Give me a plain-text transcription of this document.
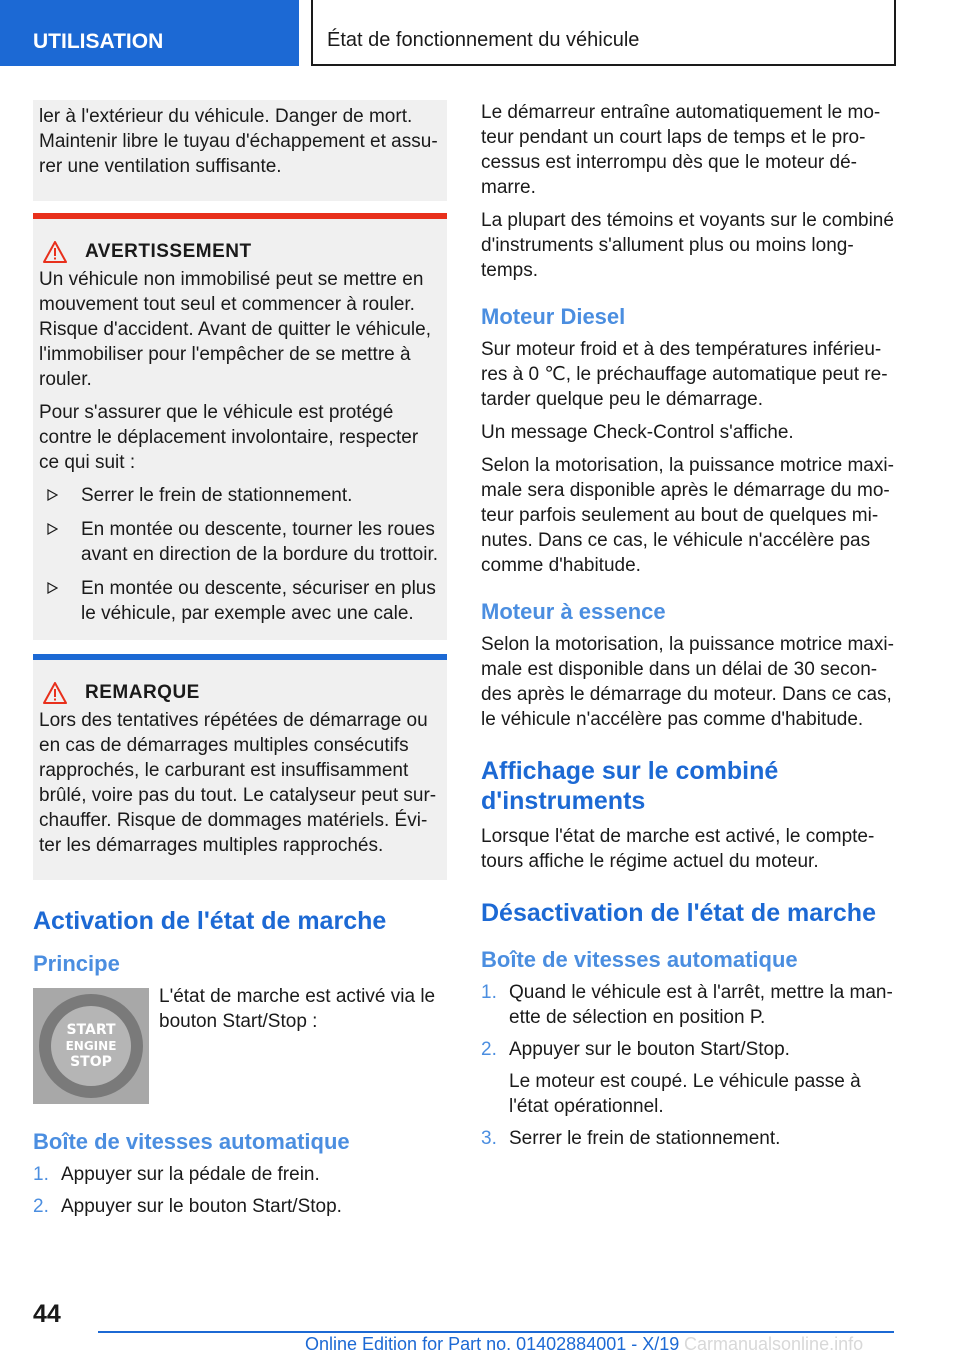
UTILISATION	État de fonctionnement du véhicule

ler à l'extérieur du véhicule. Danger de mort. Maintenir libre le tuyau d'échappement et assurer une ventilation suffisante.

AVERTISSEMENT

Un véhicule non immobilisé peut se mettre en mouvement tout seul et commencer à rouler. Risque d'accident. Avant de quitter le véhicule, l'immobiliser pour l'empêcher de se mettre à rouler.

Pour s'assurer que le véhicule est protégé contre le déplacement involontaire, respecter ce qui suit :

Serrer le frein de stationnement.
En montée ou descente, tourner les roues avant en direction de la bordure du trottoir.
En montée ou descente, sécuriser en plus le véhicule, par exemple avec une cale.
REMARQUE

Lors des tentatives répétées de démarrage ou en cas de démarrages multiples consécutifs rapprochés, le carburant est insuffisamment brûlé, voire pas du tout. Le catalyseur peut surchauffer. Risque de dommages matériels. Éviter les démarrages multiples rapprochés.

Activation de l'état de marche
Principe
START
ENGINE
STOP

L'état de marche est activé via le bouton Start/Stop :

Boîte de vitesses automatique
1. Appuyer sur la pédale de frein.
2. Appuyer sur le bouton Start/Stop.

Le démarreur entraîne automatiquement le moteur pendant un court laps de temps et le processus est interrompu dès que le moteur démarre.

La plupart des témoins et voyants sur le combiné d'instruments s'allument plus ou moins longtemps.

Moteur Diesel

Sur moteur froid et à des températures inférieures à 0 ℃, le préchauffage automatique peut retarder quelque peu le démarrage.

Un message Check-Control s'affiche.

Selon la motorisation, la puissance motrice maximale sera disponible après le démarrage du moteur parfois seulement au bout de quelques minutes. Dans ce cas, le véhicule n'accélère pas comme d'habitude.

Moteur à essence

Selon la motorisation, la puissance motrice maximale est disponible dans un délai de 30 secondes après le démarrage du moteur. Dans ce cas, le véhicule n'accélère pas comme d'habitude.

Affichage sur le combiné d'instruments

Lorsque l'état de marche est activé, le compte-tours affiche le régime actuel du moteur.

Désactivation de l'état de marche
Boîte de vitesses automatique
1. Quand le véhicule est à l'arrêt, mettre la manette de sélection en position P.
2. Appuyer sur le bouton Start/Stop.
Le moteur est coupé. Le véhicule passe à l'état opérationnel.
3. Serrer le frein de stationnement.
44
Online Edition for Part no. 01402884001 - X/19 Carmanualsonline.info
